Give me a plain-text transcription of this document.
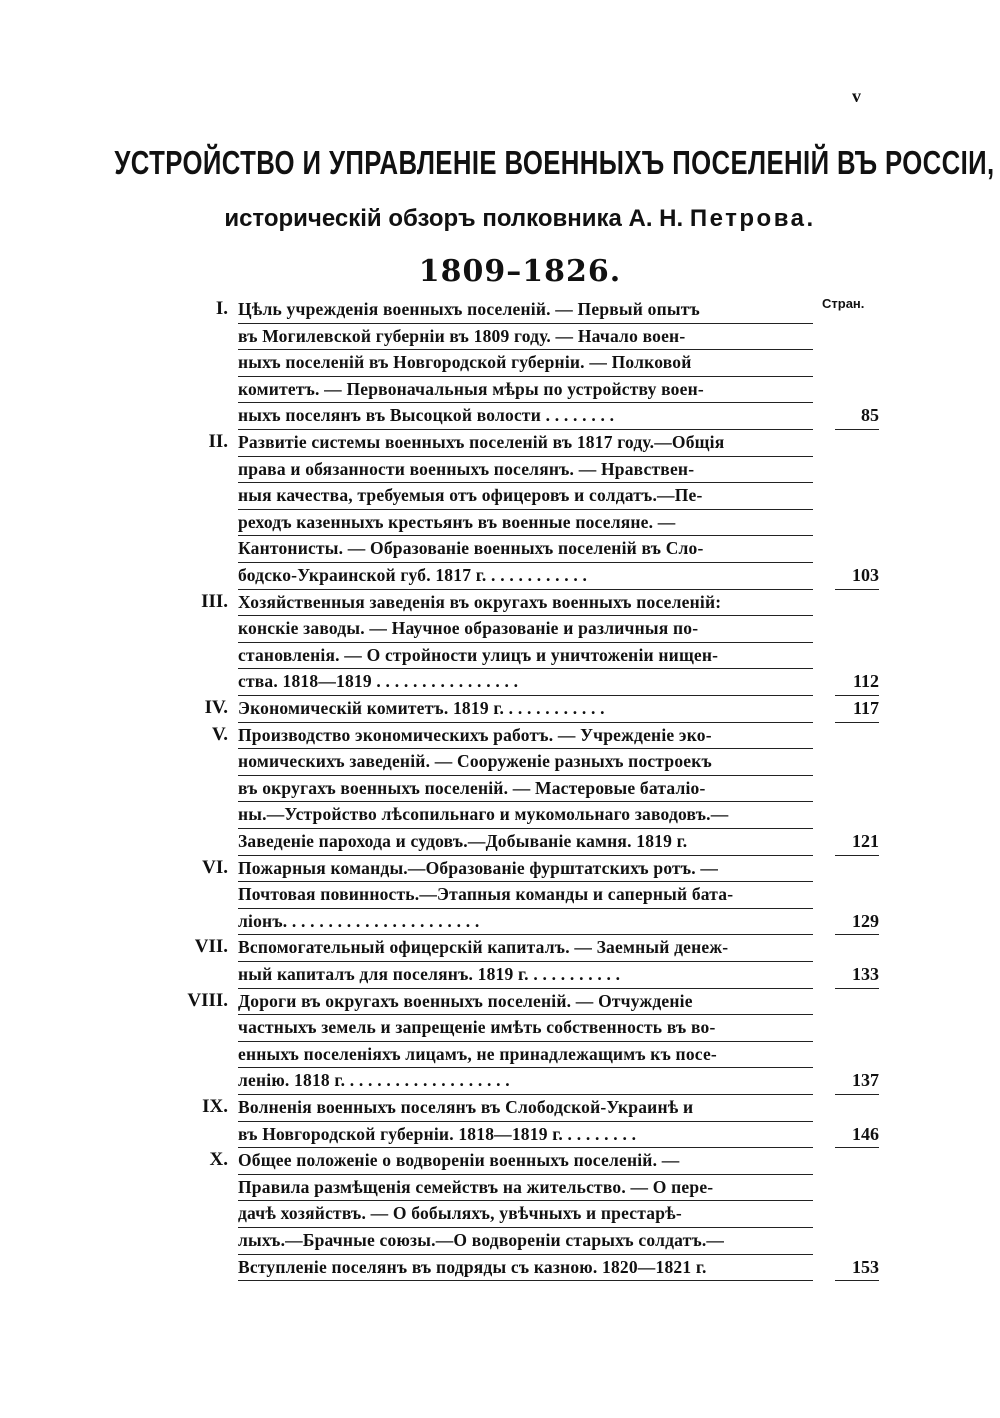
v
УСТРОЙСТВО И УПРАВЛЕНІЕ ВОЕННЫХЪ ПОСЕЛЕНІЙ ВЪ РОССІИ,
историческій обзоръ полковника А. Н. Петрова.
1809–1826.
Стран.
I. Цѣль учрежденія военныхъ поселеній. — Первый опытъ
въ Могилевской губерніи въ 1809 году. — Начало воен-
ныхъ поселеній въ Новгородской губерніи. — Полковой
комитетъ. — Первоначальныя мѣры по устройству воен-
ныхъ поселянъ въ Высоцкой волости . . . . . . . .	85
II. Развитіе системы военныхъ поселеній въ 1817 году.—Общія
права и обязанности военныхъ поселянъ. — Нравствен-
ныя качества, требуемыя отъ офицеровъ и солдатъ.—Пе-
реходъ казенныхъ крестьянъ въ военные поселяне. —
Кантонисты. — Образованіе военныхъ поселеній въ Сло-
бодско-Украинской губ. 1817 г. . . . . . . . . . . .	103
III. Хозяйственныя заведенія въ округахъ военныхъ поселеній:
конскіе заводы. — Научное образованіе и различныя по-
становленія. — О стройности улицъ и уничтоженіи нищен-
ства. 1818—1819 . . . . . . . . . . . . . . . .	112
IV. Экономическій комитетъ. 1819 г. . . . . . . . . . . .	117
V. Производство экономическихъ работъ. — Учрежденіе эко-
номическихъ заведеній. — Сооруженіе разныхъ построекъ
въ округахъ военныхъ поселеній. — Мастеровые баталіо-
ны.—Устройство лѣсопильнаго и мукомольнаго заводовъ.—
Заведеніе парохода и судовъ.—Добываніе камня. 1819 г.	121
VI. Пожарныя команды.—Образованіе фурштатскихъ ротъ. —
Почтовая повинность.—Этапныя команды и саперный бата-
ліонъ. . . . . . . . . . . . . . . . . . . . . .	129
VII. Вспомогательный офицерскій капиталъ. — Заемный денеж-
ный капиталъ для поселянъ. 1819 г. . . . . . . . . . .	133
VIII. Дороги въ округахъ военныхъ поселеній. — Отчужденіе
частныхъ земель и запрещеніе имѣть собственность въ во-
енныхъ поселеніяхъ лицамъ, не принадлежащимъ къ посе-
ленію. 1818 г. . . . . . . . . . . . . . . . . . .	137
IX. Волненія военныхъ поселянъ въ Слободской-Украинѣ и
въ Новгородской губерніи. 1818—1819 г. . . . . . . . .	146
X. Общее положеніе о водвореніи военныхъ поселеній. —
Правила размѣщенія семействъ на жительство. — О пере-
дачѣ хозяйствъ. — О бобыляхъ, увѣчныхъ и престарѣ-
лыхъ.—Брачные союзы.—О водвореніи старыхъ солдатъ.—
Вступленіе поселянъ въ подряды съ казною. 1820—1821 г.	153
